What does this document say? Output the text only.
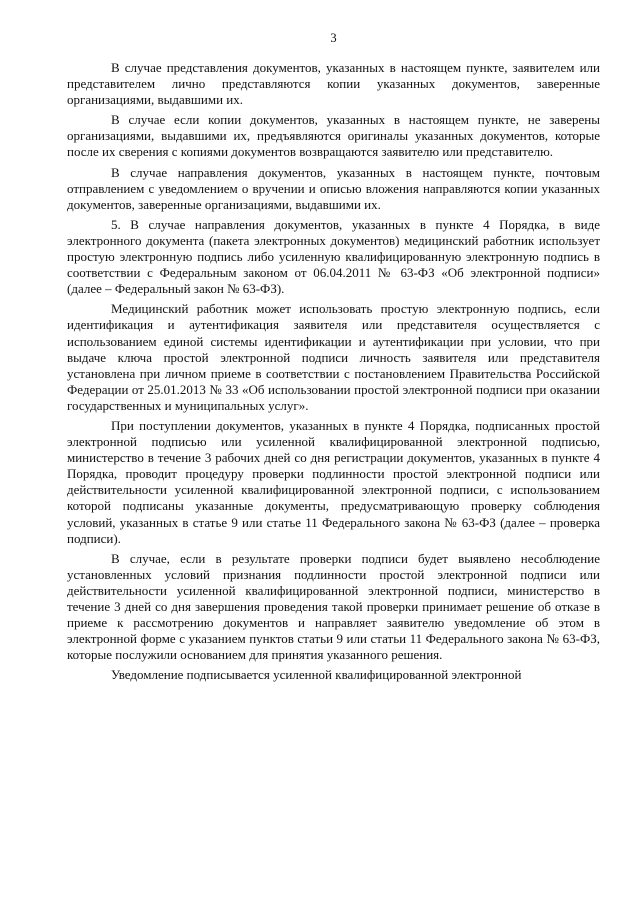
3

В случае представления документов, указанных в настоящем пункте, заявителем или представителем лично представляются копии указанных документов, заверенные организациями, выдавшими их.

В случае если копии документов, указанных в настоящем пункте, не заверены организациями, выдавшими их, предъявляются оригиналы указанных документов, которые после их сверения с копиями документов возвращаются заявителю или представителю.

В случае направления документов, указанных в настоящем пункте, почтовым отправлением с уведомлением о вручении и описью вложения направляются копии указанных документов, заверенные организациями, выдавшими их.

5. В случае направления документов, указанных в пункте 4 Порядка, в виде электронного документа (пакета электронных документов) медицинский работник использует простую электронную подпись либо усиленную квалифицированную электронную подпись в соответствии с Федеральным законом от 06.04.2011 № 63-ФЗ «Об электронной подписи» (далее – Федеральный закон № 63-ФЗ).

Медицинский работник может использовать простую электронную подпись, если идентификация и аутентификация заявителя или представителя осуществляется с использованием единой системы идентификации и аутентификации при условии, что при выдаче ключа простой электронной подписи личность заявителя или представителя установлена при личном приеме в соответствии с постановлением Правительства Российской Федерации от 25.01.2013 № 33 «Об использовании простой электронной подписи при оказании государственных и муниципальных услуг».

При поступлении документов, указанных в пункте 4 Порядка, подписанных простой электронной подписью или усиленной квалифицированной электронной подписью, министерство в течение 3 рабочих дней со дня регистрации документов, указанных в пункте 4 Порядка, проводит процедуру проверки подлинности простой электронной подписи или действительности усиленной квалифицированной электронной подписи, с использованием которой подписаны указанные документы, предусматривающую проверку соблюдения условий, указанных в статье 9 или статье 11 Федерального закона № 63-ФЗ (далее – проверка подписи).

В случае, если в результате проверки подписи будет выявлено несоблюдение установленных условий признания подлинности простой электронной подписи или действительности усиленной квалифицированной электронной подписи, министерство в течение 3 дней со дня завершения проведения такой проверки принимает решение об отказе в приеме к рассмотрению документов и направляет заявителю уведомление об этом в электронной форме с указанием пунктов статьи 9 или статьи 11 Федерального закона № 63-ФЗ, которые послужили основанием для принятия указанного решения.

Уведомление подписывается усиленной квалифицированной электронной
